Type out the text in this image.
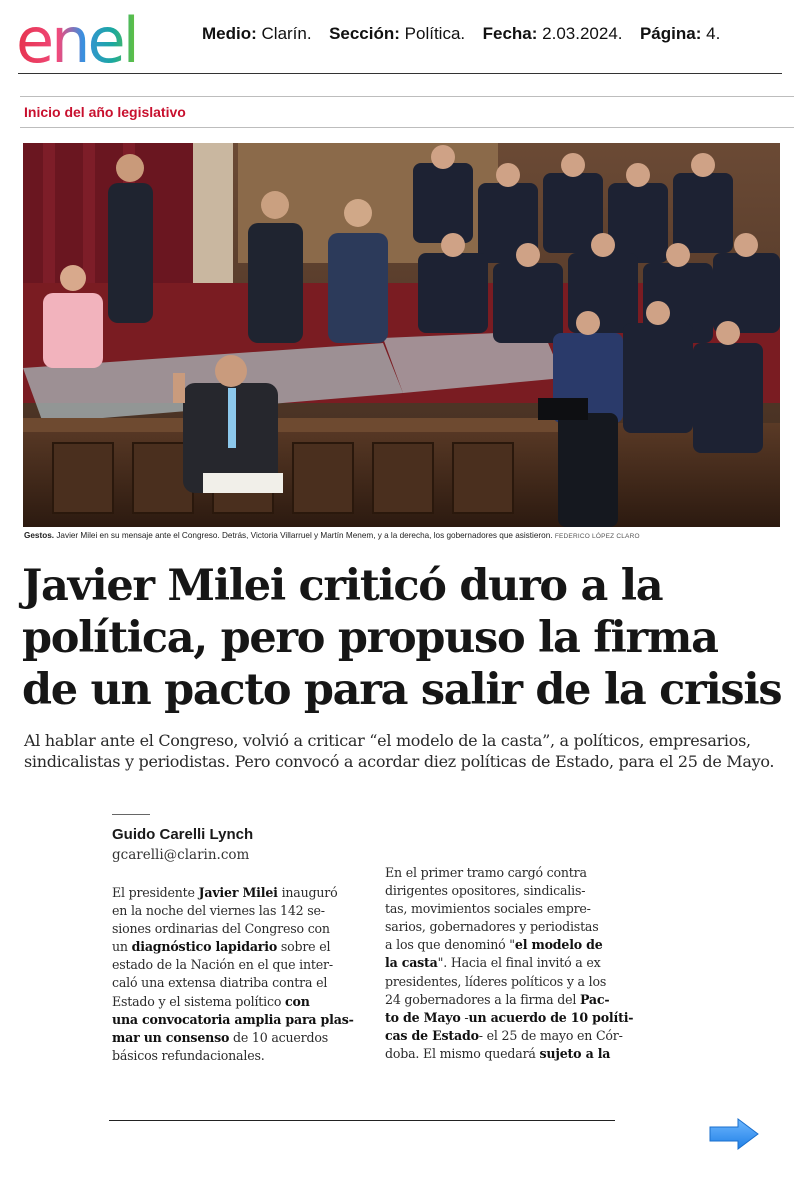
enel	Medio: Clarín. Sección: Política. Fecha: 2.03.2024. Página: 4.
Inicio del año legislativo
Gestos. Javier Milei en su mensaje ante el Congreso. Detrás, Victoria Villarruel y Martín Menem, y a la derecha, los gobernadores que asistieron. FEDERICO LÓPEZ CLARO
Javier Milei criticó duro a la
política, pero propuso la firma
de un pacto para salir de la crisis

Al hablar ante el Congreso, volvió a criticar “el modelo de la casta”, a políticos, empresarios,
sindicalistas y periodistas. Pero convocó a acordar diez políticas de Estado, para el 25 de Mayo.

Guido Carelli Lynch
gcarelli@clarin.com
El presidente Javier Milei inauguró
en la noche del viernes las 142 se-
siones ordinarias del Congreso con
un diagnóstico lapidario sobre el
estado de la Nación en el que inter-
caló una extensa diatriba contra el
Estado y el sistema político con
una convocatoria amplia para plas-
mar un consenso de 10 acuerdos
básicos refundacionales.
En el primer tramo cargó contra
dirigentes opositores, sindicalis-
tas, movimientos sociales empre-
sarios, gobernadores y periodistas
a los que denominó "el modelo de
la casta". Hacia el final invitó a ex
presidentes, líderes políticos y a los
24 gobernadores a la firma del Pac-
to de Mayo -un acuerdo de 10 políti-
cas de Estado- el 25 de mayo en Cór-
doba. El mismo quedará sujeto a la
